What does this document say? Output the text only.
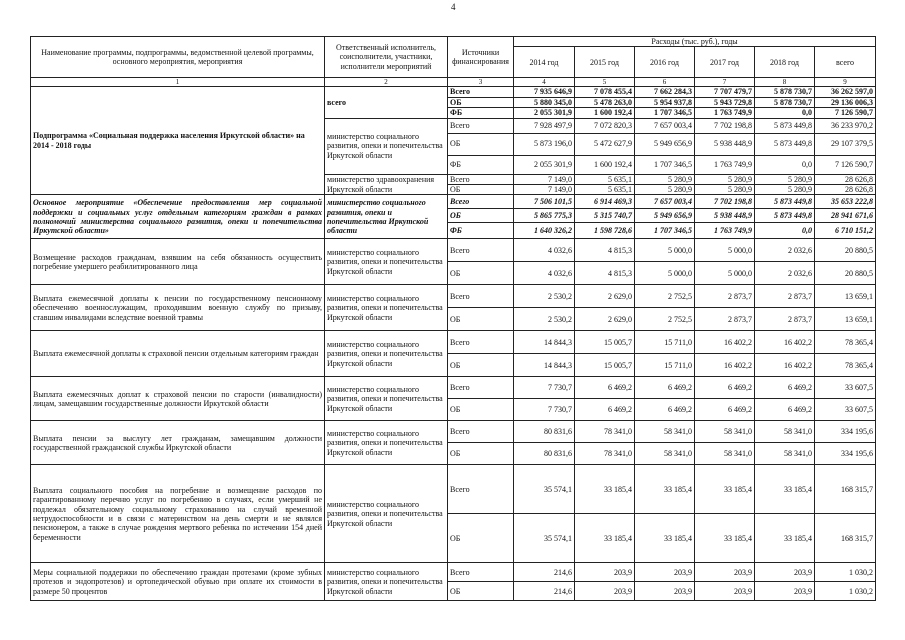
4
Наименование программы, подпрограммы, ведомственной целевой программы, основного мероприятия, мероприятия	Ответственный исполнитель, соисполнители, участники, исполнители мероприятий	Источники финансирования	Расходы (тыс. руб.), годы					
			2014 год	2015 год	2016 год	2017 год	2018 год	всего
1	2	3	4	5	6	7	8	9
Подпрограмма «Социальная поддержка населения Иркутской области» на 2014 - 2018 годы	всего	Всего	7 935 646,9	7 078 455,4	7 662 284,3	7 707 479,7	5 878 730,7	36 262 597,0
		ОБ	5 880 345,0	5 478 263,0	5 954 937,8	5 943 729,8	5 878 730,7	29 136 006,3
		ФБ	2 055 301,9	1 600 192,4	1 707 346,5	1 763 749,9	0,0	7 126 590,7
	министерство социального развития, опеки и попечительства Иркутской области	Всего	7 928 497,9	7 072 820,3	7 657 003,4	7 702 198,8	5 873 449,8	36 233 970,2
		ОБ	5 873 196,0	5 472 627,9	5 949 656,9	5 938 448,9	5 873 449,8	29 107 379,5
		ФБ	2 055 301,9	1 600 192,4	1 707 346,5	1 763 749,9	0,0	7 126 590,7
	министерство здравоохранения Иркутской области	Всего	7 149,0	5 635,1	5 280,9	5 280,9	5 280,9	28 626,8
		ОБ	7 149,0	5 635,1	5 280,9	5 280,9	5 280,9	28 626,8
Основное мероприятие «Обеспечение предоставления мер социальной поддержки и социальных услуг отдельным категориям граждан в рамках полномочий министерства социального развития, опеки и попечительства Иркутской области»	министерство социального развития, опеки и попечительства Иркутской области	Всего	7 506 101,5	6 914 469,3	7 657 003,4	7 702 198,8	5 873 449,8	35 653 222,8
		ОБ	5 865 775,3	5 315 740,7	5 949 656,9	5 938 448,9	5 873 449,8	28 941 671,6
		ФБ	1 640 326,2	1 598 728,6	1 707 346,5	1 763 749,9	0,0	6 710 151,2
Возмещение расходов гражданам, взявшим на себя обязанность осуществить погребение умершего реабилитированного лица	министерство социального развития, опеки и попечительства Иркутской области	Всего	4 032,6	4 815,3	5 000,0	5 000,0	2 032,6	20 880,5
		ОБ	4 032,6	4 815,3	5 000,0	5 000,0	2 032,6	20 880,5
Выплата ежемесячной доплаты к пенсии по государственному пенсионному обеспечению военнослужащим, проходившим военную службу по призыву, ставшим инвалидами вследствие военной травмы	министерство социального развития, опеки и попечительства Иркутской области	Всего	2 530,2	2 629,0	2 752,5	2 873,7	2 873,7	13 659,1
		ОБ	2 530,2	2 629,0	2 752,5	2 873,7	2 873,7	13 659,1
Выплата ежемесячной доплаты к страховой пенсии отдельным категориям граждан	министерство социального развития, опеки и попечительства Иркутской области	Всего	14 844,3	15 005,7	15 711,0	16 402,2	16 402,2	78 365,4
		ОБ	14 844,3	15 005,7	15 711,0	16 402,2	16 402,2	78 365,4
Выплата ежемесячных доплат к страховой пенсии по старости (инвалидности) лицам, замещавшим государственные должности Иркутской области	министерство социального развития, опеки и попечительства Иркутской области	Всего	7 730,7	6 469,2	6 469,2	6 469,2	6 469,2	33 607,5
		ОБ	7 730,7	6 469,2	6 469,2	6 469,2	6 469,2	33 607,5
Выплата пенсии за выслугу лет гражданам, замещавшим должности государственной гражданской службы Иркутской области	министерство социального развития, опеки и попечительства Иркутской области	Всего	80 831,6	78 341,0	58 341,0	58 341,0	58 341,0	334 195,6
		ОБ	80 831,6	78 341,0	58 341,0	58 341,0	58 341,0	334 195,6
Выплата социального пособия на погребение и возмещение расходов по гарантированному перечню услуг по погребению в случаях, если умерший не подлежал обязательному социальному страхованию на случай временной нетрудоспособности и в связи с материнством на день смерти и не являлся пенсионером, а также в случае рождения мертвого ребенка по истечении 154 дней беременности	министерство социального развития, опеки и попечительства Иркутской области	Всего	35 574,1	33 185,4	33 185,4	33 185,4	33 185,4	168 315,7
		ОБ	35 574,1	33 185,4	33 185,4	33 185,4	33 185,4	168 315,7
Меры социальной поддержки по обеспечению граждан протезами (кроме зубных протезов и эндопротезов) и ортопедической обувью при оплате их стоимости в размере 50 процентов	министерство социального развития, опеки и попечительства Иркутской области	Всего	214,6	203,9	203,9	203,9	203,9	1 030,2
		ОБ	214,6	203,9	203,9	203,9	203,9	1 030,2
